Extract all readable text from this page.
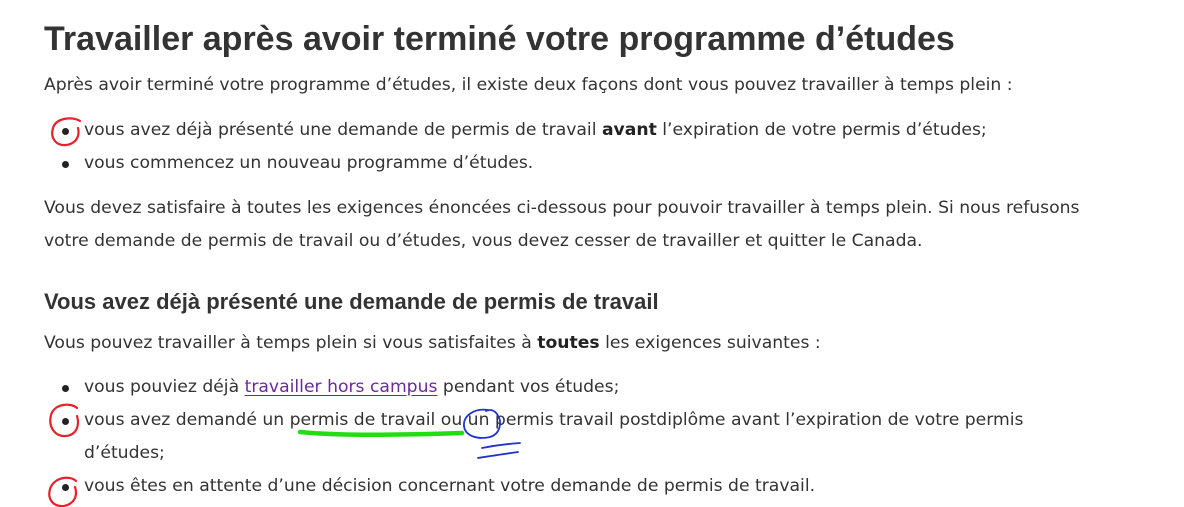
Travailler après avoir terminé votre programme d’études

Après avoir terminé votre programme d’études, il existe deux façons dont vous pouvez travailler à temps plein :

vous avez déjà présenté une demande de permis de travail avant l’expiration de votre permis d’études;
vous commencez un nouveau programme d’études.

Vous devez satisfaire à toutes les exigences énoncées ci-dessous pour pouvoir travailler à temps plein. Si nous refusons
votre demande de permis de travail ou d’études, vous devez cesser de travailler et quitter le Canada.

Vous avez déjà présenté une demande de permis de travail

Vous pouvez travailler à temps plein si vous satisfaites à toutes les exigences suivantes :

vous pouviez déjà travailler hors campus pendant vos études;
vous avez demandé un permis de travail ou un permis travail postdiplôme avant l’expiration de votre permis
d’études;
vous êtes en attente d’une décision concernant votre demande de permis de travail.
